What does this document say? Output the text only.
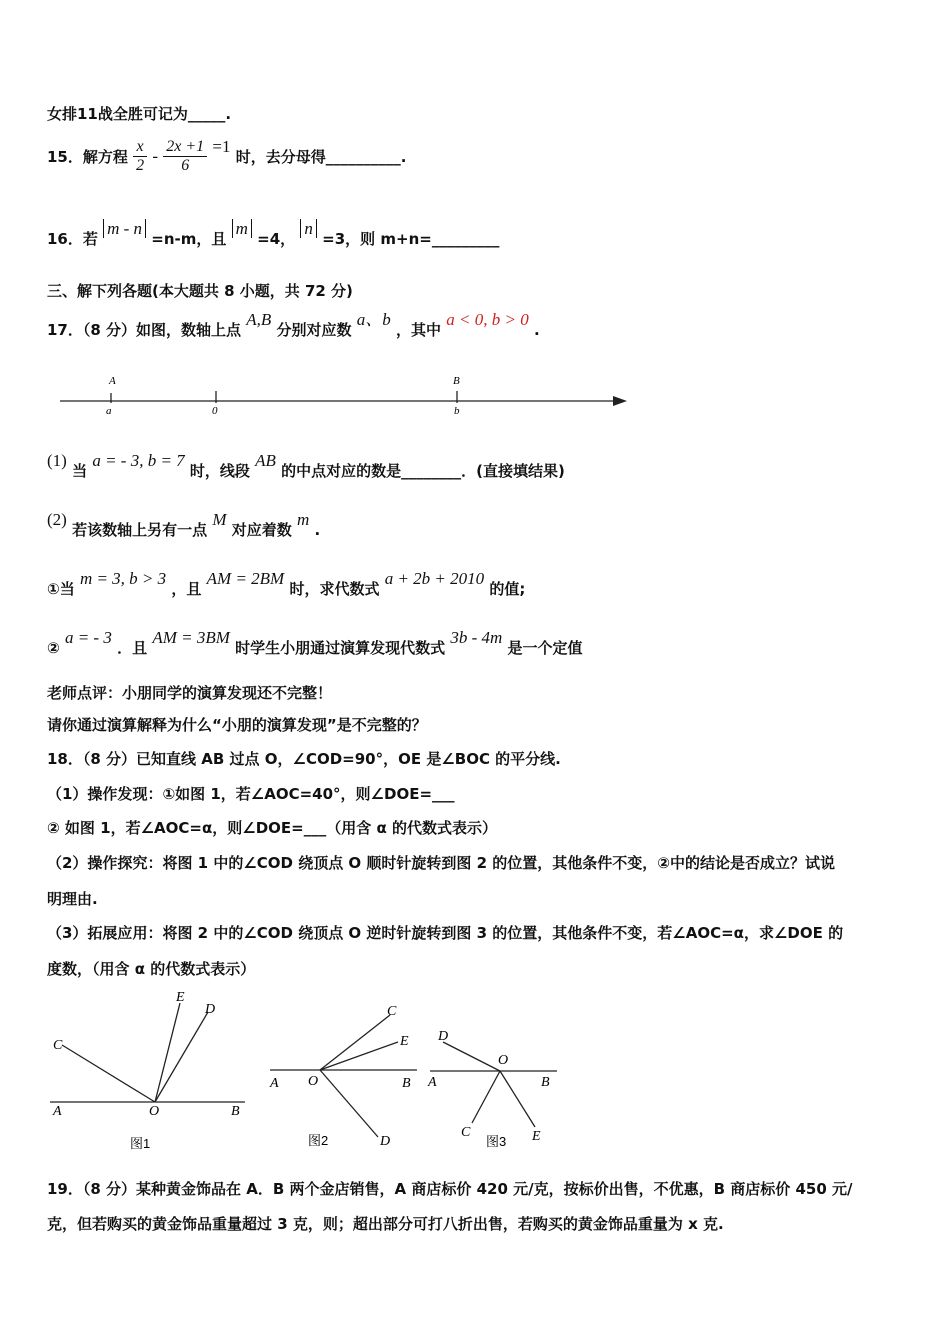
女排11战全胜可记为_____.
15．解方程 $\frac{x}{2} - \frac{2x +1}{6} =1$ 时，去分母得__________.
16．若 m - n =n-m，且 m =4， n =3，则 m+n=_________
三、解下列各题(本大题共 8 小题，共 72 分)
17．（8 分）如图，数轴上点 A,B 分别对应数 a、b ，其中 a < 0, b > 0 .
A
a	0
B
b
(1) 当 a = - 3, b = 7 时，线段 AB 的中点对应的数是________．(直接填结果)
(2) 若该数轴上另有一点 M 对应着数 m .
①当 m = 3, b > 3 ，且 AM = 2BM 时，求代数式 a + 2b + 2010 的值;
② a = - 3 ．且 AM = 3BM 时学生小朋通过演算发现代数式 3b - 4m 是一个定值
老师点评：小朋同学的演算发现还不完整！
请你通过演算解释为什么“小朋的演算发现”是不完整的？
18．（8 分）已知直线 AB 过点 O，∠COD=90°，OE 是∠BOC 的平分线.
（1）操作发现：①如图 1，若∠AOC=40°，则∠DOE=___
② 如图 1，若∠AOC=α，则∠DOE=___（用含 α 的代数式表示）
（2）操作探究：将图 1 中的∠COD 绕顶点 O 顺时针旋转到图 2 的位置，其他条件不变，②中的结论是否成立？试说
明理由.
（3）拓展应用：将图 2 中的∠COD 绕顶点 O 逆时针旋转到图 3 的位置，其他条件不变，若∠AOC=α，求∠DOE 的
度数，（用含 α 的代数式表示）
C
E
D
A	O	B
图1
C
E
A O	B
D
图2
D
O
A	B
C	E
图3
19．（8 分）某种黄金饰品在 A．B 两个金店销售，A 商店标价 420 元/克，按标价出售，不优惠，B 商店标价 450 元/
克，但若购买的黄金饰品重量超过 3 克，则；超出部分可打八折出售，若购买的黄金饰品重量为 x 克.
